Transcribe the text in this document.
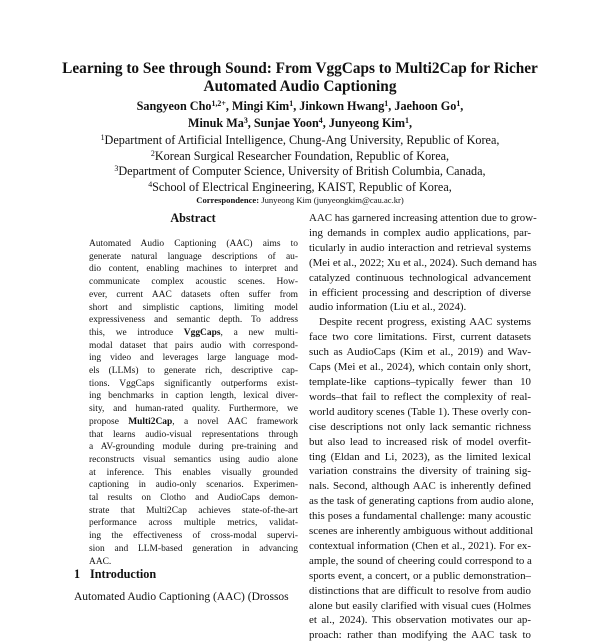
Learning to See through Sound: From VggCaps to Multi2Cap for Richer
Automated Audio Captioning
Sangyeon Cho$^{1,2+}$, Mingi Kim$^1$, Jinkown Hwang$^1$, Jaehoon Go$^1$,
Minuk Ma$^3$, Sunjae Yoon$^4$, Junyeong Kim$^1$,
$^1$Department of Artificial Intelligence, Chung-Ang University, Republic of Korea,
$^2$Korean Surgical Researcher Foundation, Republic of Korea,
$^3$Department of Computer Science, University of British Columbia, Canada,
$^4$School of Electrical Engineering, KAIST, Republic of Korea,
Correspondence: Junyeong Kim (junyeongkim@cau.ac.kr)
Abstract
Automated Audio Captioning (AAC) aims to
generate natural language descriptions of au-
dio content, enabling machines to interpret and
communicate complex acoustic scenes. How-
ever, current AAC datasets often suffer from
short and simplistic captions, limiting model
expressiveness and semantic depth. To address
this, we introduce VggCaps, a new multi-
modal dataset that pairs audio with correspond-
ing video and leverages large language mod-
els (LLMs) to generate rich, descriptive cap-
tions. VggCaps significantly outperforms exist-
ing benchmarks in caption length, lexical diver-
sity, and human-rated quality. Furthermore, we
propose Multi2Cap, a novel AAC framework
that learns audio-visual representations through
a AV-grounding module during pre-training and
reconstructs visual semantics using audio alone
at inference. This enables visually grounded
captioning in audio-only scenarios. Experimen-
tal results on Clotho and AudioCaps demon-
strate that Multi2Cap achieves state-of-the-art
performance across multiple metrics, validat-
ing the effectiveness of cross-modal supervi-
sion and LLM-based generation in advancing
AAC.
1 Introduction
Automated Audio Captioning (AAC) (Drossos
AAC has garnered increasing attention due to grow-
ing demands in complex audio applications, par-
ticularly in audio interaction and retrieval systems
(Mei et al., 2022; Xu et al., 2024). Such demand has
catalyzed continuous technological advancement
in efficient processing and description of diverse
audio information (Liu et al., 2024).
Despite recent progress, existing AAC systems
face two core limitations. First, current datasets
such as AudioCaps (Kim et al., 2019) and Wav-
Caps (Mei et al., 2024), which contain only short,
template-like captions–typically fewer than 10
words–that fail to reflect the complexity of real-
world auditory scenes (Table 1). These overly con-
cise descriptions not only lack semantic richness
but also lead to increased risk of model overfit-
ting (Eldan and Li, 2023), as the limited lexical
variation constrains the diversity of training sig-
nals. Second, although AAC is inherently defined
as the task of generating captions from audio alone,
this poses a fundamental challenge: many acoustic
scenes are inherently ambiguous without additional
contextual information (Chen et al., 2021). For ex-
ample, the sound of cheering could correspond to a
sports event, a concert, or a public demonstration–
distinctions that are difficult to resolve from audio
alone but easily clarified with visual cues (Holmes
et al., 2024). This observation motivates our ap-
proach: rather than modifying the AAC task to
